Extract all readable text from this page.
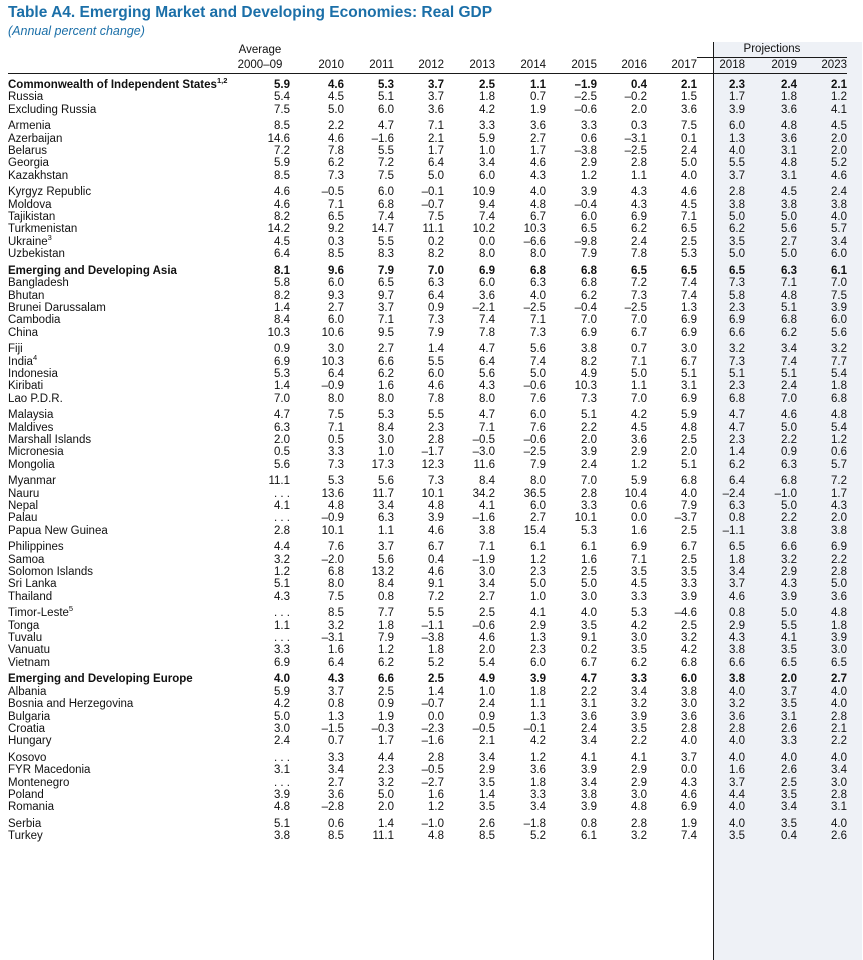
Table A4. Emerging Market and Developing Economies: Real GDP
(Annual percent change)
	Average									Projections		
	2000–09	2010	2011	2012	2013	2014	2015	2016	2017	2018	2019	2023
Commonwealth of Independent States$^{1,2}$	5.9	4.6	5.3	3.7	2.5	1.1	–1.9	0.4	2.1	2.3	2.4	2.1
Russia	5.4	4.5	5.1	3.7	1.8	0.7	–2.5	–0.2	1.5	1.7	1.8	1.2
Excluding Russia	7.5	5.0	6.0	3.6	4.2	1.9	–0.6	2.0	3.6	3.9	3.6	4.1
Armenia	8.5	2.2	4.7	7.1	3.3	3.6	3.3	0.3	7.5	6.0	4.8	4.5
Azerbaijan	14.6	4.6	–1.6	2.1	5.9	2.7	0.6	–3.1	0.1	1.3	3.6	2.0
Belarus	7.2	7.8	5.5	1.7	1.0	1.7	–3.8	–2.5	2.4	4.0	3.1	2.0
Georgia	5.9	6.2	7.2	6.4	3.4	4.6	2.9	2.8	5.0	5.5	4.8	5.2
Kazakhstan	8.5	7.3	7.5	5.0	6.0	4.3	1.2	1.1	4.0	3.7	3.1	4.6
Kyrgyz Republic	4.6	–0.5	6.0	–0.1	10.9	4.0	3.9	4.3	4.6	2.8	4.5	2.4
Moldova	4.6	7.1	6.8	–0.7	9.4	4.8	–0.4	4.3	4.5	3.8	3.8	3.8
Tajikistan	8.2	6.5	7.4	7.5	7.4	6.7	6.0	6.9	7.1	5.0	5.0	4.0
Turkmenistan	14.2	9.2	14.7	11.1	10.2	10.3	6.5	6.2	6.5	6.2	5.6	5.7
Ukraine$^3$	4.5	0.3	5.5	0.2	0.0	–6.6	–9.8	2.4	2.5	3.5	2.7	3.4
Uzbekistan	6.4	8.5	8.3	8.2	8.0	8.0	7.9	7.8	5.3	5.0	5.0	6.0
Emerging and Developing Asia	8.1	9.6	7.9	7.0	6.9	6.8	6.8	6.5	6.5	6.5	6.3	6.1
Bangladesh	5.8	6.0	6.5	6.3	6.0	6.3	6.8	7.2	7.4	7.3	7.1	7.0
Bhutan	8.2	9.3	9.7	6.4	3.6	4.0	6.2	7.3	7.4	5.8	4.8	7.5
Brunei Darussalam	1.4	2.7	3.7	0.9	–2.1	–2.5	–0.4	–2.5	1.3	2.3	5.1	3.9
Cambodia	8.4	6.0	7.1	7.3	7.4	7.1	7.0	7.0	6.9	6.9	6.8	6.0
China	10.3	10.6	9.5	7.9	7.8	7.3	6.9	6.7	6.9	6.6	6.2	5.6
Fiji	0.9	3.0	2.7	1.4	4.7	5.6	3.8	0.7	3.0	3.2	3.4	3.2
India$^4$	6.9	10.3	6.6	5.5	6.4	7.4	8.2	7.1	6.7	7.3	7.4	7.7
Indonesia	5.3	6.4	6.2	6.0	5.6	5.0	4.9	5.0	5.1	5.1	5.1	5.4
Kiribati	1.4	–0.9	1.6	4.6	4.3	–0.6	10.3	1.1	3.1	2.3	2.4	1.8
Lao P.D.R.	7.0	8.0	8.0	7.8	8.0	7.6	7.3	7.0	6.9	6.8	7.0	6.8
Malaysia	4.7	7.5	5.3	5.5	4.7	6.0	5.1	4.2	5.9	4.7	4.6	4.8
Maldives	6.3	7.1	8.4	2.3	7.1	7.6	2.2	4.5	4.8	4.7	5.0	5.4
Marshall Islands	2.0	0.5	3.0	2.8	–0.5	–0.6	2.0	3.6	2.5	2.3	2.2	1.2
Micronesia	0.5	3.3	1.0	–1.7	–3.0	–2.5	3.9	2.9	2.0	1.4	0.9	0.6
Mongolia	5.6	7.3	17.3	12.3	11.6	7.9	2.4	1.2	5.1	6.2	6.3	5.7
Myanmar	11.1	5.3	5.6	7.3	8.4	8.0	7.0	5.9	6.8	6.4	6.8	7.2
Nauru	. . .	13.6	11.7	10.1	34.2	36.5	2.8	10.4	4.0	–2.4	–1.0	1.7
Nepal	4.1	4.8	3.4	4.8	4.1	6.0	3.3	0.6	7.9	6.3	5.0	4.3
Palau	. . .	–0.9	6.3	3.9	–1.6	2.7	10.1	0.0	–3.7	0.8	2.2	2.0
Papua New Guinea	2.8	10.1	1.1	4.6	3.8	15.4	5.3	1.6	2.5	–1.1	3.8	3.8
Philippines	4.4	7.6	3.7	6.7	7.1	6.1	6.1	6.9	6.7	6.5	6.6	6.9
Samoa	3.2	–2.0	5.6	0.4	–1.9	1.2	1.6	7.1	2.5	1.8	3.2	2.2
Solomon Islands	1.2	6.8	13.2	4.6	3.0	2.3	2.5	3.5	3.5	3.4	2.9	2.8
Sri Lanka	5.1	8.0	8.4	9.1	3.4	5.0	5.0	4.5	3.3	3.7	4.3	5.0
Thailand	4.3	7.5	0.8	7.2	2.7	1.0	3.0	3.3	3.9	4.6	3.9	3.6
Timor-Leste$^5$	. . .	8.5	7.7	5.5	2.5	4.1	4.0	5.3	–4.6	0.8	5.0	4.8
Tonga	1.1	3.2	1.8	–1.1	–0.6	2.9	3.5	4.2	2.5	2.9	5.5	1.8
Tuvalu	. . .	–3.1	7.9	–3.8	4.6	1.3	9.1	3.0	3.2	4.3	4.1	3.9
Vanuatu	3.3	1.6	1.2	1.8	2.0	2.3	0.2	3.5	4.2	3.8	3.5	3.0
Vietnam	6.9	6.4	6.2	5.2	5.4	6.0	6.7	6.2	6.8	6.6	6.5	6.5
Emerging and Developing Europe	4.0	4.3	6.6	2.5	4.9	3.9	4.7	3.3	6.0	3.8	2.0	2.7
Albania	5.9	3.7	2.5	1.4	1.0	1.8	2.2	3.4	3.8	4.0	3.7	4.0
Bosnia and Herzegovina	4.2	0.8	0.9	–0.7	2.4	1.1	3.1	3.2	3.0	3.2	3.5	4.0
Bulgaria	5.0	1.3	1.9	0.0	0.9	1.3	3.6	3.9	3.6	3.6	3.1	2.8
Croatia	3.0	–1.5	–0.3	–2.3	–0.5	–0.1	2.4	3.5	2.8	2.8	2.6	2.1
Hungary	2.4	0.7	1.7	–1.6	2.1	4.2	3.4	2.2	4.0	4.0	3.3	2.2
Kosovo	. . .	3.3	4.4	2.8	3.4	1.2	4.1	4.1	3.7	4.0	4.0	4.0
FYR Macedonia	3.1	3.4	2.3	–0.5	2.9	3.6	3.9	2.9	0.0	1.6	2.6	3.4
Montenegro	. . .	2.7	3.2	–2.7	3.5	1.8	3.4	2.9	4.3	3.7	2.5	3.0
Poland	3.9	3.6	5.0	1.6	1.4	3.3	3.8	3.0	4.6	4.4	3.5	2.8
Romania	4.8	–2.8	2.0	1.2	3.5	3.4	3.9	4.8	6.9	4.0	3.4	3.1
Serbia	5.1	0.6	1.4	–1.0	2.6	–1.8	0.8	2.8	1.9	4.0	3.5	4.0
Turkey	3.8	8.5	11.1	4.8	8.5	5.2	6.1	3.2	7.4	3.5	0.4	2.6
